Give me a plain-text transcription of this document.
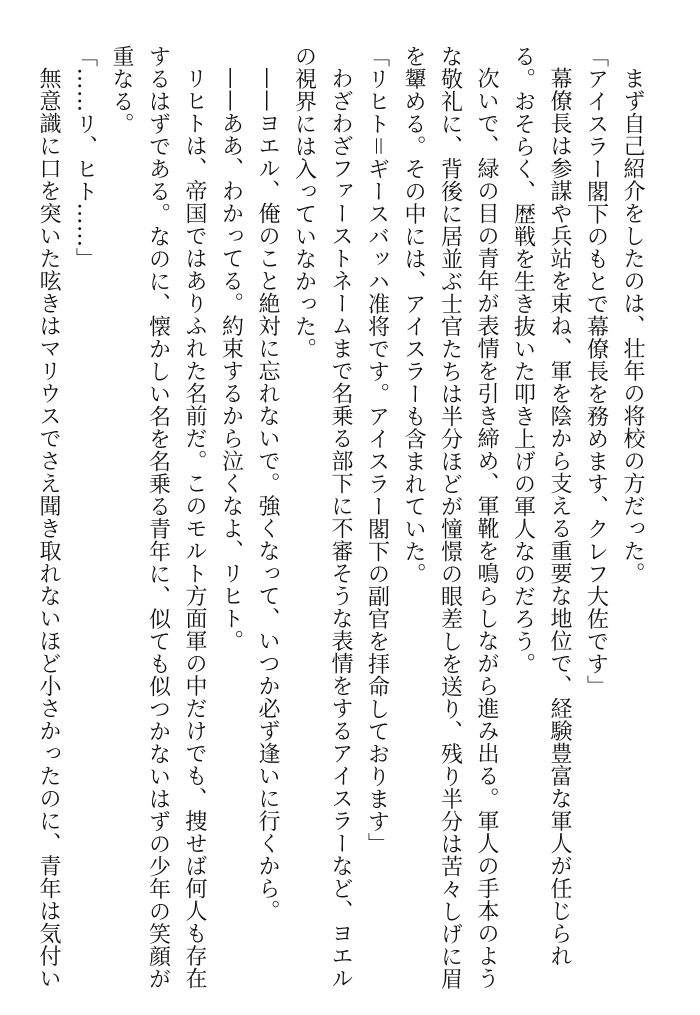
まず自己紹介をしたのは、壮年の将校の方だった。
「アイスラー閣下のもとで幕僚長を務めます、クレフ大佐です」
幕僚長は参謀や兵站を束ね、軍を陰から支える重要な地位で、経験豊富な軍人が任じられ
る。おそらく、歴戦を生き抜いた叩き上げの軍人なのだろう。
次いで、緑の目の青年が表情を引き締め、軍靴を鳴らしながら進み出る。軍人の手本のよう
な敬礼に、背後に居並ぶ士官たちは半分ほどが憧憬の眼差しを送り、残り半分は苦々しげに眉
を顰める。その中には、アイスラーも含まれていた。
「リヒト＝ギースバッハ准将です。アイスラー閣下の副官を拝命しております」
わざわざファーストネームまで名乗る部下に不審そうな表情をするアイスラーなど、ヨエル
の視界には入っていなかった。
——ヨエル、俺のこと絶対に忘れないで。強くなって、いつか必ず逢いに行くから。
——ああ、わかってる。約束するから泣くなよ、リヒト。
リヒトは、帝国ではありふれた名前だ。このモルト方面軍の中だけでも、捜せば何人も存在
するはずである。なのに、懐かしい名を名乗る青年に、似ても似つかないはずの少年の笑顔が
重なる。
「……リ、ヒト……」
無意識に口を突いた呟きはマリウスでさえ聞き取れないほど小さかったのに、青年は気付い
